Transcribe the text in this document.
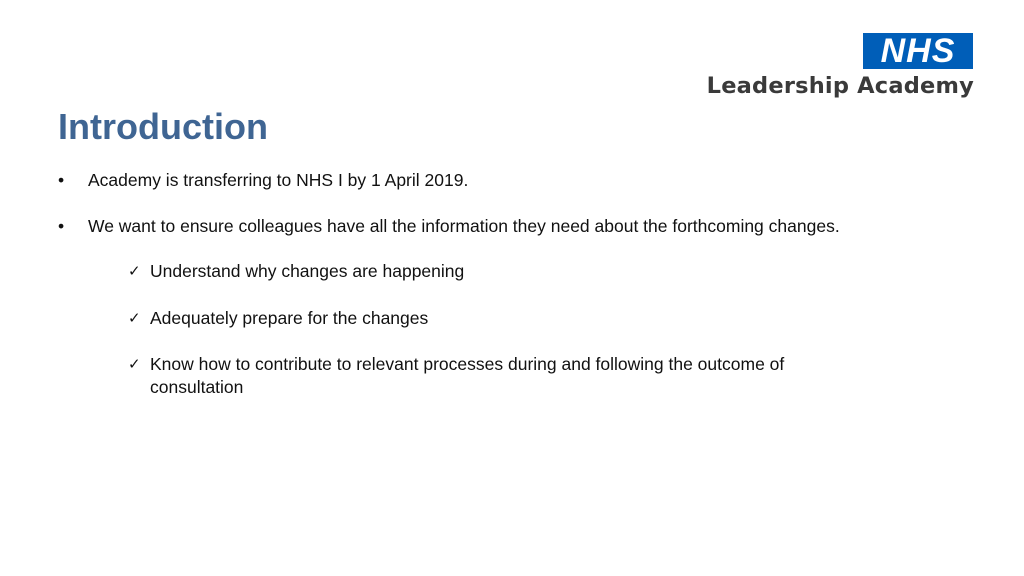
NHS
Leadership Academy
Introduction
•	Academy is transferring to NHS I by 1 April 2019.
•	We want to ensure colleagues have all the information they need about the forthcoming changes.
✓ Understand why changes are happening
✓ Adequately prepare for the changes
✓ Know how to contribute to relevant processes during and following the outcome of consultation
